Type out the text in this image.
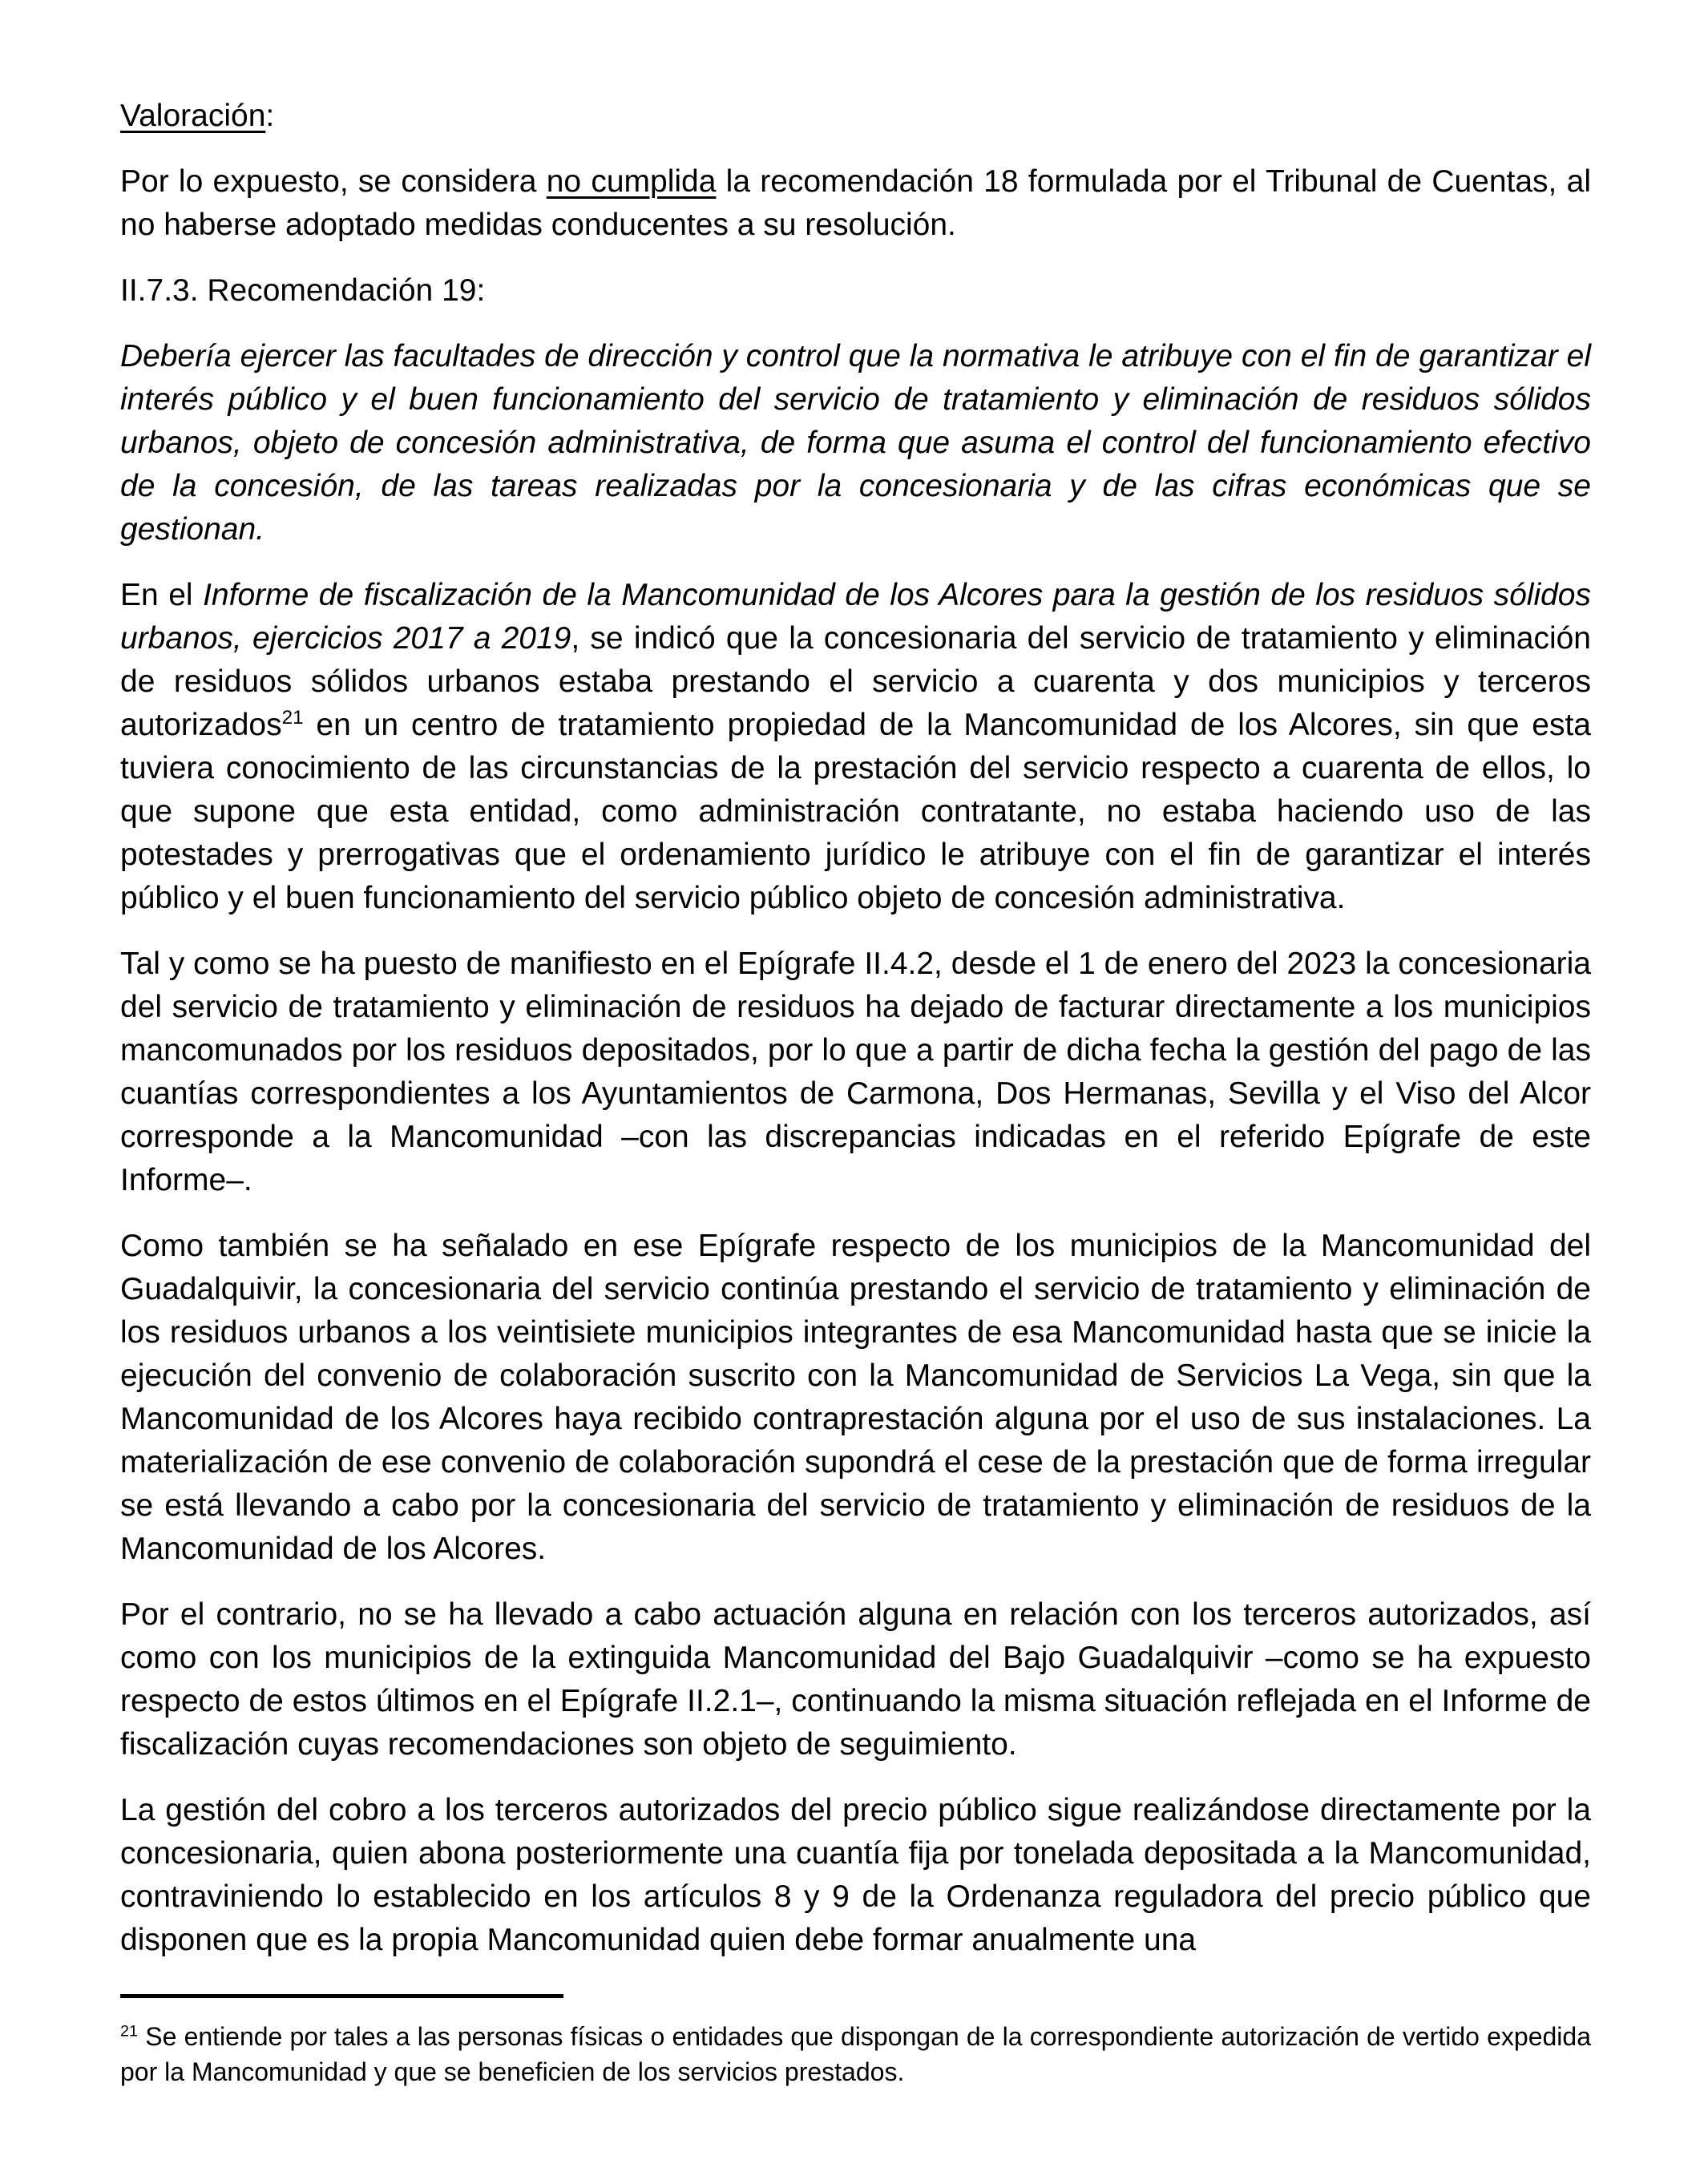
Valoración:

Por lo expuesto, se considera no cumplida la recomendación 18 formulada por el Tribunal de Cuentas, al no haberse adoptado medidas conducentes a su resolución.

II.7.3. Recomendación 19:

Debería ejercer las facultades de dirección y control que la normativa le atribuye con el fin de garantizar el interés público y el buen funcionamiento del servicio de tratamiento y eliminación de residuos sólidos urbanos, objeto de concesión administrativa, de forma que asuma el control del funcionamiento efectivo de la concesión, de las tareas realizadas por la concesionaria y de las cifras económicas que se gestionan.

En el Informe de fiscalización de la Mancomunidad de los Alcores para la gestión de los residuos sólidos urbanos, ejercicios 2017 a 2019, se indicó que la concesionaria del servicio de tratamiento y eliminación de residuos sólidos urbanos estaba prestando el servicio a cuarenta y dos municipios y terceros autorizados$^{21}$ en un centro de tratamiento propiedad de la Mancomunidad de los Alcores, sin que esta tuviera conocimiento de las circunstancias de la prestación del servicio respecto a cuarenta de ellos, lo que supone que esta entidad, como administración contratante, no estaba haciendo uso de las potestades y prerrogativas que el ordenamiento jurídico le atribuye con el fin de garantizar el interés público y el buen funcionamiento del servicio público objeto de concesión administrativa.

Tal y como se ha puesto de manifiesto en el Epígrafe II.4.2, desde el 1 de enero del 2023 la concesionaria del servicio de tratamiento y eliminación de residuos ha dejado de facturar directamente a los municipios mancomunados por los residuos depositados, por lo que a partir de dicha fecha la gestión del pago de las cuantías correspondientes a los Ayuntamientos de Carmona, Dos Hermanas, Sevilla y el Viso del Alcor corresponde a la Mancomunidad –con las discrepancias indicadas en el referido Epígrafe de este Informe–.

Como también se ha señalado en ese Epígrafe respecto de los municipios de la Mancomunidad del Guadalquivir, la concesionaria del servicio continúa prestando el servicio de tratamiento y eliminación de los residuos urbanos a los veintisiete municipios integrantes de esa Mancomunidad hasta que se inicie la ejecución del convenio de colaboración suscrito con la Mancomunidad de Servicios La Vega, sin que la Mancomunidad de los Alcores haya recibido contraprestación alguna por el uso de sus instalaciones. La materialización de ese convenio de colaboración supondrá el cese de la prestación que de forma irregular se está llevando a cabo por la concesionaria del servicio de tratamiento y eliminación de residuos de la Mancomunidad de los Alcores.

Por el contrario, no se ha llevado a cabo actuación alguna en relación con los terceros autorizados, así como con los municipios de la extinguida Mancomunidad del Bajo Guadalquivir –como se ha expuesto respecto de estos últimos en el Epígrafe II.2.1–, continuando la misma situación reflejada en el Informe de fiscalización cuyas recomendaciones son objeto de seguimiento.

La gestión del cobro a los terceros autorizados del precio público sigue realizándose directamente por la concesionaria, quien abona posteriormente una cuantía fija por tonelada depositada a la Mancomunidad, contraviniendo lo establecido en los artículos 8 y 9 de la Ordenanza reguladora del precio público que disponen que es la propia Mancomunidad quien debe formar anualmente una

$^{21}$ Se entiende por tales a las personas físicas o entidades que dispongan de la correspondiente autorización de vertido expedida por la Mancomunidad y que se beneficien de los servicios prestados.
